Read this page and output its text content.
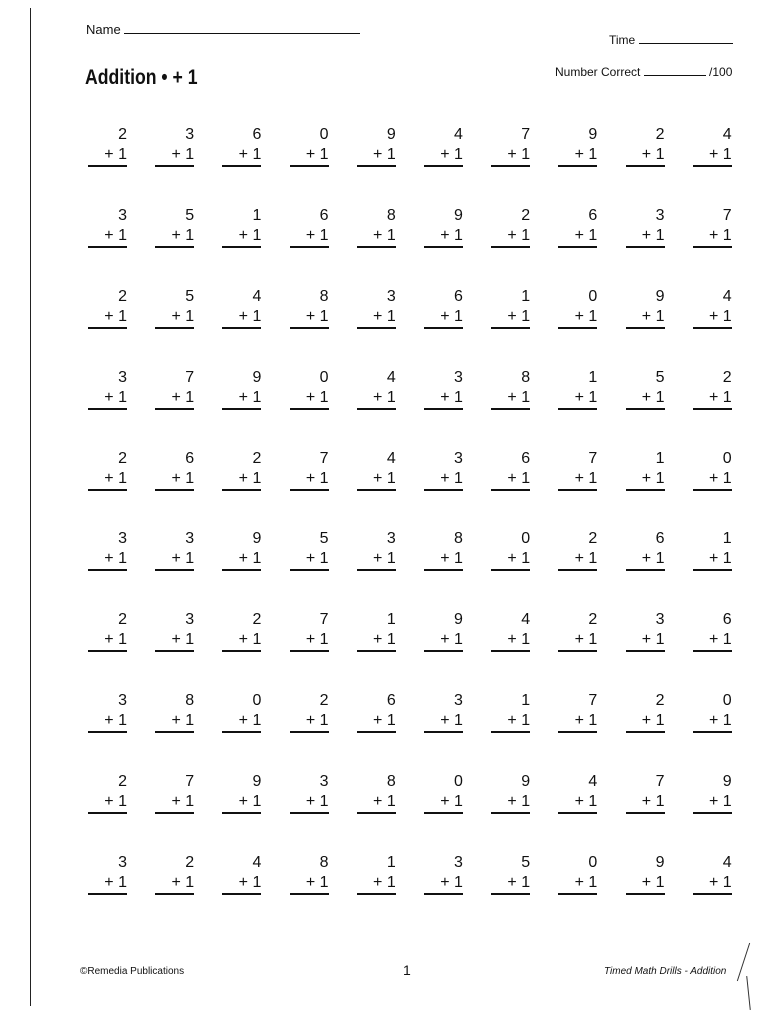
Name
Time
Number Correct	/100
Addition • + 1
2
+ 1
3
+ 1
6
+ 1
0
+ 1
9
+ 1
4
+ 1
7
+ 1
9
+ 1
2
+ 1
4
+ 1
3
+ 1
5
+ 1
1
+ 1
6
+ 1
8
+ 1
9
+ 1
2
+ 1
6
+ 1
3
+ 1
7
+ 1
2
+ 1
5
+ 1
4
+ 1
8
+ 1
3
+ 1
6
+ 1
1
+ 1
0
+ 1
9
+ 1
4
+ 1
3
+ 1
7
+ 1
9
+ 1
0
+ 1
4
+ 1
3
+ 1
8
+ 1
1
+ 1
5
+ 1
2
+ 1
2
+ 1
6
+ 1
2
+ 1
7
+ 1
4
+ 1
3
+ 1
6
+ 1
7
+ 1
1
+ 1
0
+ 1
3
+ 1
3
+ 1
9
+ 1
5
+ 1
3
+ 1
8
+ 1
0
+ 1
2
+ 1
6
+ 1
1
+ 1
2
+ 1
3
+ 1
2
+ 1
7
+ 1
1
+ 1
9
+ 1
4
+ 1
2
+ 1
3
+ 1
6
+ 1
3
+ 1
8
+ 1
0
+ 1
2
+ 1
6
+ 1
3
+ 1
1
+ 1
7
+ 1
2
+ 1
0
+ 1
2
+ 1
7
+ 1
9
+ 1
3
+ 1
8
+ 1
0
+ 1
9
+ 1
4
+ 1
7
+ 1
9
+ 1
3
+ 1
2
+ 1
4
+ 1
8
+ 1
1
+ 1
3
+ 1
5
+ 1
0
+ 1
9
+ 1
4
+ 1
©Remedia Publications	1	Timed Math Drills - Addition
